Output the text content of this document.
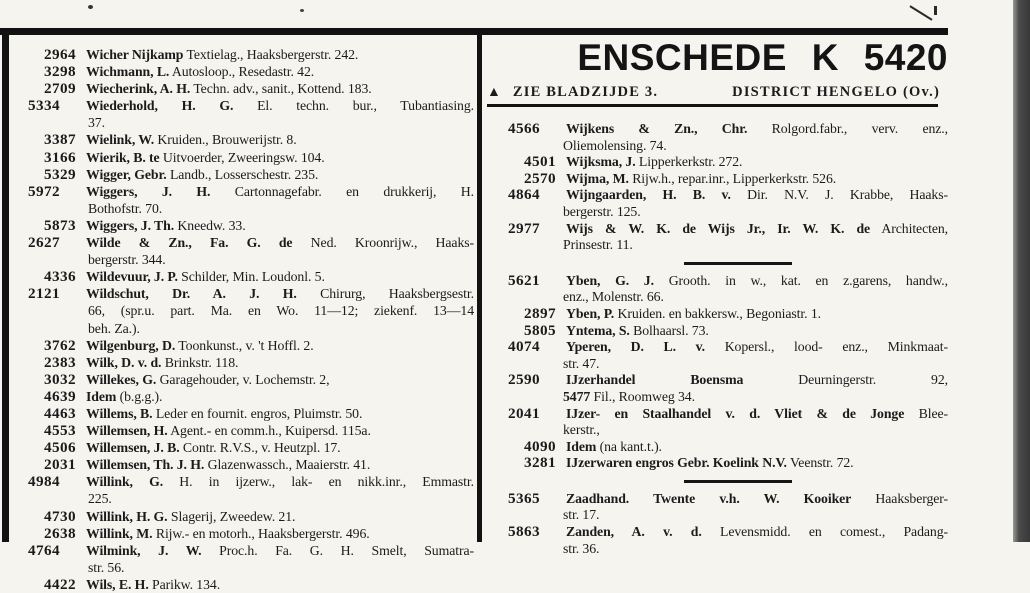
ENSCHEDE K 5420
▲ ZIE BLADZIJDE 3.	DISTRICT HENGELO (Ov.)
2964 Wicher Nijkamp Textielag., Haaksbergerstr. 242.
3298 Wichmann, L. Autosloop., Resedastr. 42.
2709 Wiecherink, A. H. Techn. adv., sanit., Kottend. 183.
5334 Wiederhold, H. G. El. techn. bur., Tubantiasing.
37.
3387 Wielink, W. Kruiden., Brouwerijstr. 8.
3166 Wierik, B. te Uitvoerder, Zweeringsw. 104.
5329 Wigger, Gebr. Landb., Losserschestr. 235.
5972 Wiggers, J. H. Cartonnagefabr. en drukkerij, H.
Bothofstr. 70.
5873 Wiggers, J. Th. Kneedw. 33.
2627 Wilde & Zn., Fa. G. de Ned. Kroonrijw., Haaks-
bergerstr. 344.
4336 Wildevuur, J. P. Schilder, Min. Loudonl. 5.
2121 Wildschut, Dr. A. J. H. Chirurg, Haaksbergsestr.
66, (spr.u. part. Ma. en Wo. 11—12; ziekenf. 13—14
beh. Za.).
3762 Wilgenburg, D. Toonkunst., v. 't Hoffl. 2.
2383 Wilk, D. v. d. Brinkstr. 118.
3032 Willekes, G. Garagehouder, v. Lochemstr. 2,
4639 Idem (b.g.g.).
4463 Willems, B. Leder en fournit. engros, Pluimstr. 50.
4553 Willemsen, H. Agent.- en comm.h., Kuipersd. 115a.
4506 Willemsen, J. B. Contr. R.V.S., v. Heutzpl. 17.
2031 Willemsen, Th. J. H. Glazenwassch., Maaierstr. 41.
4984 Willink, G. H. in ijzerw., lak- en nikk.inr., Emmastr.
225.
4730 Willink, H. G. Slagerij, Zweedew. 21.
2638 Willink, M. Rijw.- en motorh., Haaksbergerstr. 496.
4764 Wilmink, J. W. Proc.h. Fa. G. H. Smelt, Sumatra-
str. 56.
4422 Wils, E. H. Parikw. 134.
4566 Wijkens & Zn., Chr. Rolgord.fabr., verv. enz.,
Oliemolensing. 74.
4501 Wijksma, J. Lipperkerkstr. 272.
2570 Wijma, M. Rijw.h., repar.inr., Lipperkerkstr. 526.
4864 Wijngaarden, H. B. v. Dir. N.V. J. Krabbe, Haaks-
bergerstr. 125.
2977 Wijs & W. K. de Wijs Jr., Ir. W. K. de Architecten,
Prinsestr. 11.
5621 Yben, G. J. Grooth. in w., kat. en z.garens, handw.,
enz., Molenstr. 66.
2897 Yben, P. Kruiden. en bakkersw., Begoniastr. 1.
5805 Yntema, S. Bolhaarsl. 73.
4074 Yperen, D. L. v. Kopersl., lood- enz., Minkmaat-
str. 47.
2590 IJzerhandel Boensma Deurningerstr. 92,
5477 Fil., Roomweg 34.
2041 IJzer- en Staalhandel v. d. Vliet & de Jonge Blee-
kerstr.,
4090 Idem (na kant.t.).
3281 IJzerwaren engros Gebr. Koelink N.V. Veenstr. 72.
5365 Zaadhand. Twente v.h. W. Kooiker Haaksberger-
str. 17.
5863 Zanden, A. v. d. Levensmidd. en comest., Padang-
str. 36.
